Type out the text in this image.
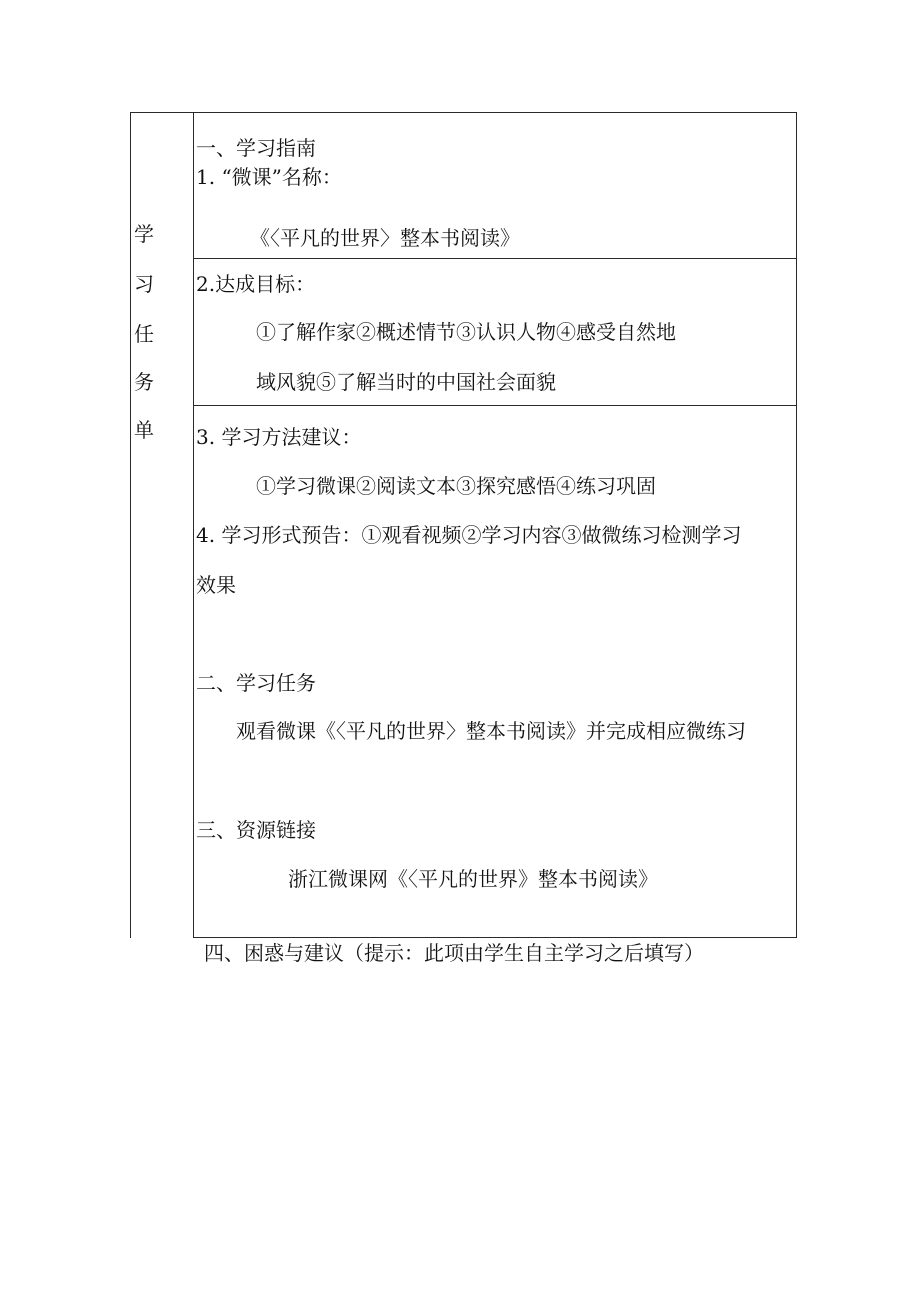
学
习
任
务
单
一、学习指南
1. “微课”名称：
《〈平凡的世界〉整本书阅读》
2.达成目标：
①了解作家②概述情节③认识人物④感受自然地
域风貌⑤了解当时的中国社会面貌
3. 学习方法建议：
①学习微课②阅读文本③探究感悟④练习巩固
4. 学习形式预告：①观看视频②学习内容③做微练习检测学习
效果
二、学习任务
观看微课《〈平凡的世界〉整本书阅读》并完成相应微练习
三、资源链接
浙江微课网《〈平凡的世界》整本书阅读》
四、困惑与建议（提示：此项由学生自主学习之后填写）
